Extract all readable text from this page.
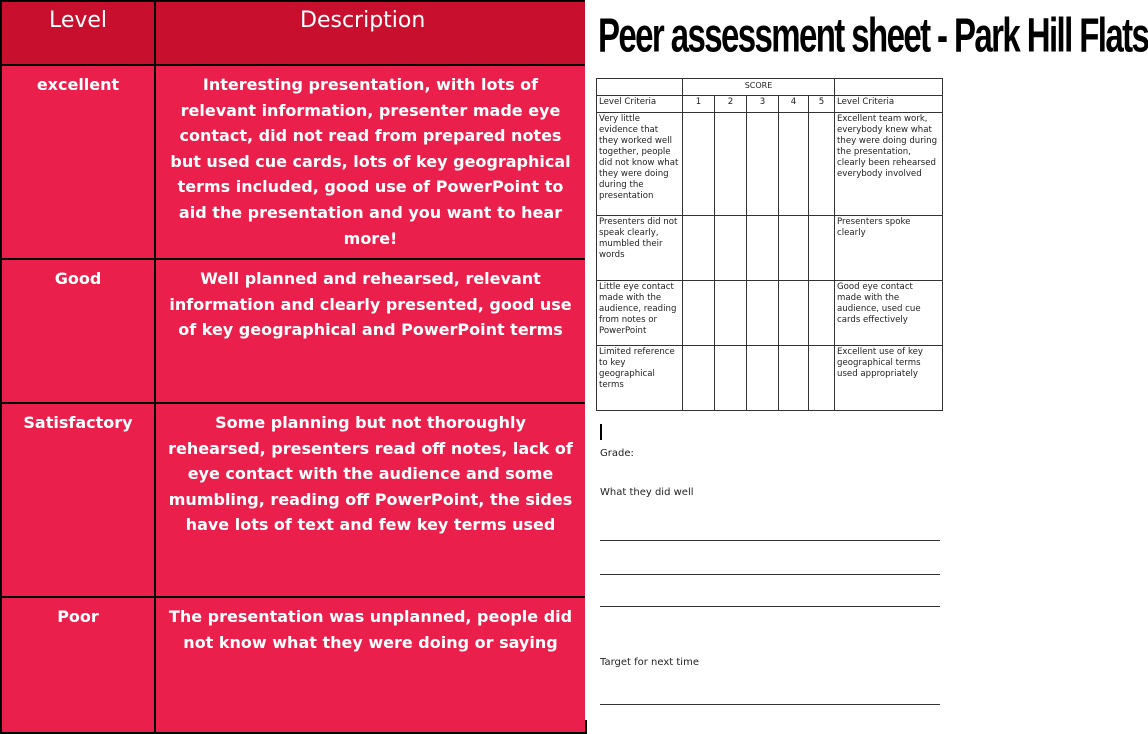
Level	Description
excellent	Interesting presentation, with lots of relevant information, presenter made eye contact, did not read from prepared notes but used cue cards, lots of key geographical terms included, good use of PowerPoint to aid the presentation and you want to hear more!
Good	Well planned and rehearsed, relevant information and clearly presented, good use of key geographical and PowerPoint terms
Satisfactory	Some planning but not thoroughly rehearsed, presenters read off notes, lack of eye contact with the audience and some mumbling, reading off PowerPoint, the sides have lots of text and few key terms used
Poor	The presentation was unplanned, people did not know what they were doing or saying
Peer assessment sheet - Park Hill Flats
	SCORE					
Level Criteria	1	2	3	4	5	Level Criteria
Very little evidence that they worked well together, people did not know what they were doing during the presentation						Excellent team work, everybody knew what they were doing during the presentation, clearly been rehearsed everybody involved
Presenters did not speak clearly, mumbled their words						Presenters spoke clearly
Little eye contact made with the audience, reading from notes or PowerPoint						Good eye contact made with the audience, used cue cards effectively
Limited reference to key geographical terms						Excellent use of key geographical terms used appropriately
Grade:
What they did well
Target for next time
